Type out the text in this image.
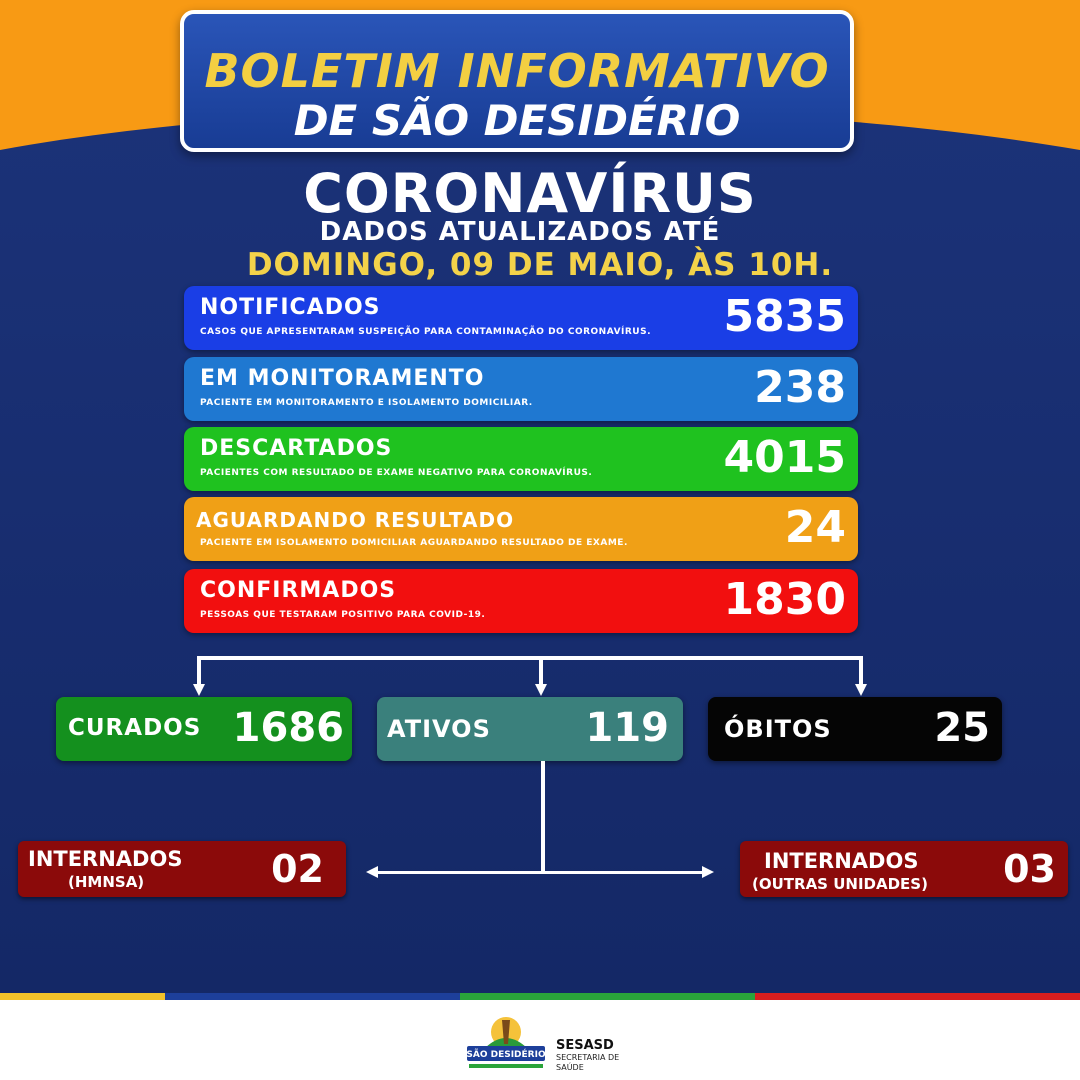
BOLETIM INFORMATIVO
DE SÃO DESIDÉRIO
CORONAVÍRUS
DADOS ATUALIZADOS ATÉ
DOMINGO, 09 DE MAIO, ÀS 10H.
NOTIFICADOS
CASOS QUE APRESENTARAM SUSPEIÇÃO PARA CONTAMINAÇÃO DO CORONAVÍRUS. 5835
EM MONITORAMENTO
PACIENTE EM MONITORAMENTO E ISOLAMENTO DOMICILIAR.	238
DESCARTADOS
PACIENTES COM RESULTADO DE EXAME NEGATIVO PARA CORONAVÍRUS.	4015
AGUARDANDO RESULTADO
PACIENTE EM ISOLAMENTO DOMICILIAR AGUARDANDO RESULTADO DE EXAME.	24
CONFIRMADOS
PESSOAS QUE TESTARAM POSITIVO PARA COVID-19.	1830
CURADOS 1686 ATIVOS 119 ÓBITOS	25
INTERNADOS
(HMNSA)	02	INTERNADOS
(OUTRAS UNIDADES) 03
SÃO DESIDÉRIO
SESASD
SECRETARIA DE SAÚDE
